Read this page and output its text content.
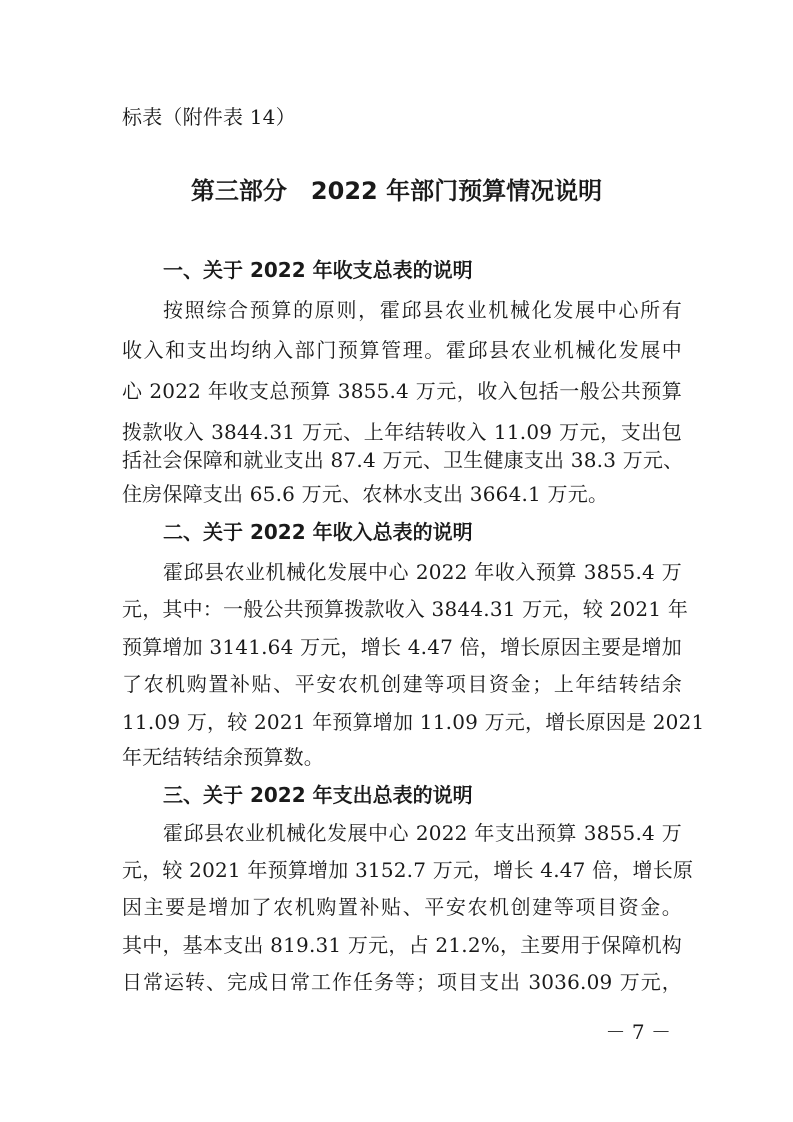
标表（附件表 14）
第三部分　2022 年部门预算情况说明
一、关于 2022 年收支总表的说明
按照综合预算的原则，霍邱县农业机械化发展中心所有
收入和支出均纳入部门预算管理。霍邱县农业机械化发展中
心 2022 年收支总预算 3855.4 万元，收入包括一般公共预算
拨款收入 3844.31 万元、上年结转收入 11.09 万元，支出包
括社会保障和就业支出 87.4 万元、卫生健康支出 38.3 万元、
住房保障支出 65.6 万元、农林水支出 3664.1 万元。
二、关于 2022 年收入总表的说明
霍邱县农业机械化发展中心 2022 年收入预算 3855.4 万
元，其中：一般公共预算拨款收入 3844.31 万元，较 2021 年
预算增加 3141.64 万元，增长 4.47 倍，增长原因主要是增加
了农机购置补贴、平安农机创建等项目资金；上年结转结余
11.09 万，较 2021 年预算增加 11.09 万元，增长原因是 2021
年无结转结余预算数。
三、关于 2022 年支出总表的说明
霍邱县农业机械化发展中心 2022 年支出预算 3855.4 万
元，较 2021 年预算增加 3152.7 万元，增长 4.47 倍，增长原
因主要是增加了农机购置补贴、平安农机创建等项目资金。
其中，基本支出 819.31 万元，占 21.2%，主要用于保障机构
日常运转、完成日常工作任务等；项目支出 3036.09 万元，
－ 7 －
